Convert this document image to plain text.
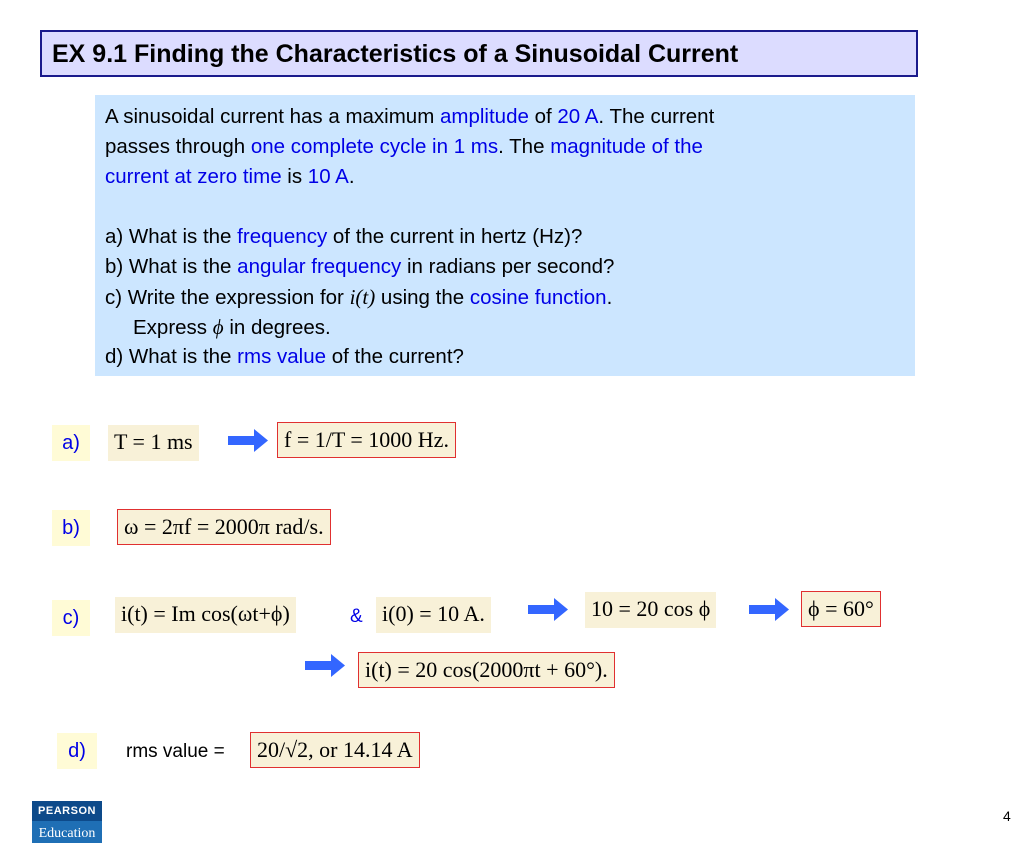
EX 9.1 Finding the Characteristics of a Sinusoidal Current
A sinusoidal current has a maximum amplitude of 20 A. The current
passes through one complete cycle in 1 ms. The magnitude of the
current at zero time is 10 A.
a) What is the frequency of the current in hertz (Hz)?
b) What is the angular frequency in radians per second?
c) Write the expression for i(t) using the cosine function.
Express ϕ in degrees.
d) What is the rms value of the current?
a)	T = 1 ms	f = 1/T = 1000 Hz.
b)	ω = 2πf = 2000π rad/s.
c)	i(t) = Im cos(ωt+ϕ)	& i(0) = 10 A.	10 = 20 cos ϕ	ϕ = 60°
i(t) = 20 cos(2000πt + 60°).
d)	rms value =	20/√2, or 14.14 A
PEARSON
Education
4
